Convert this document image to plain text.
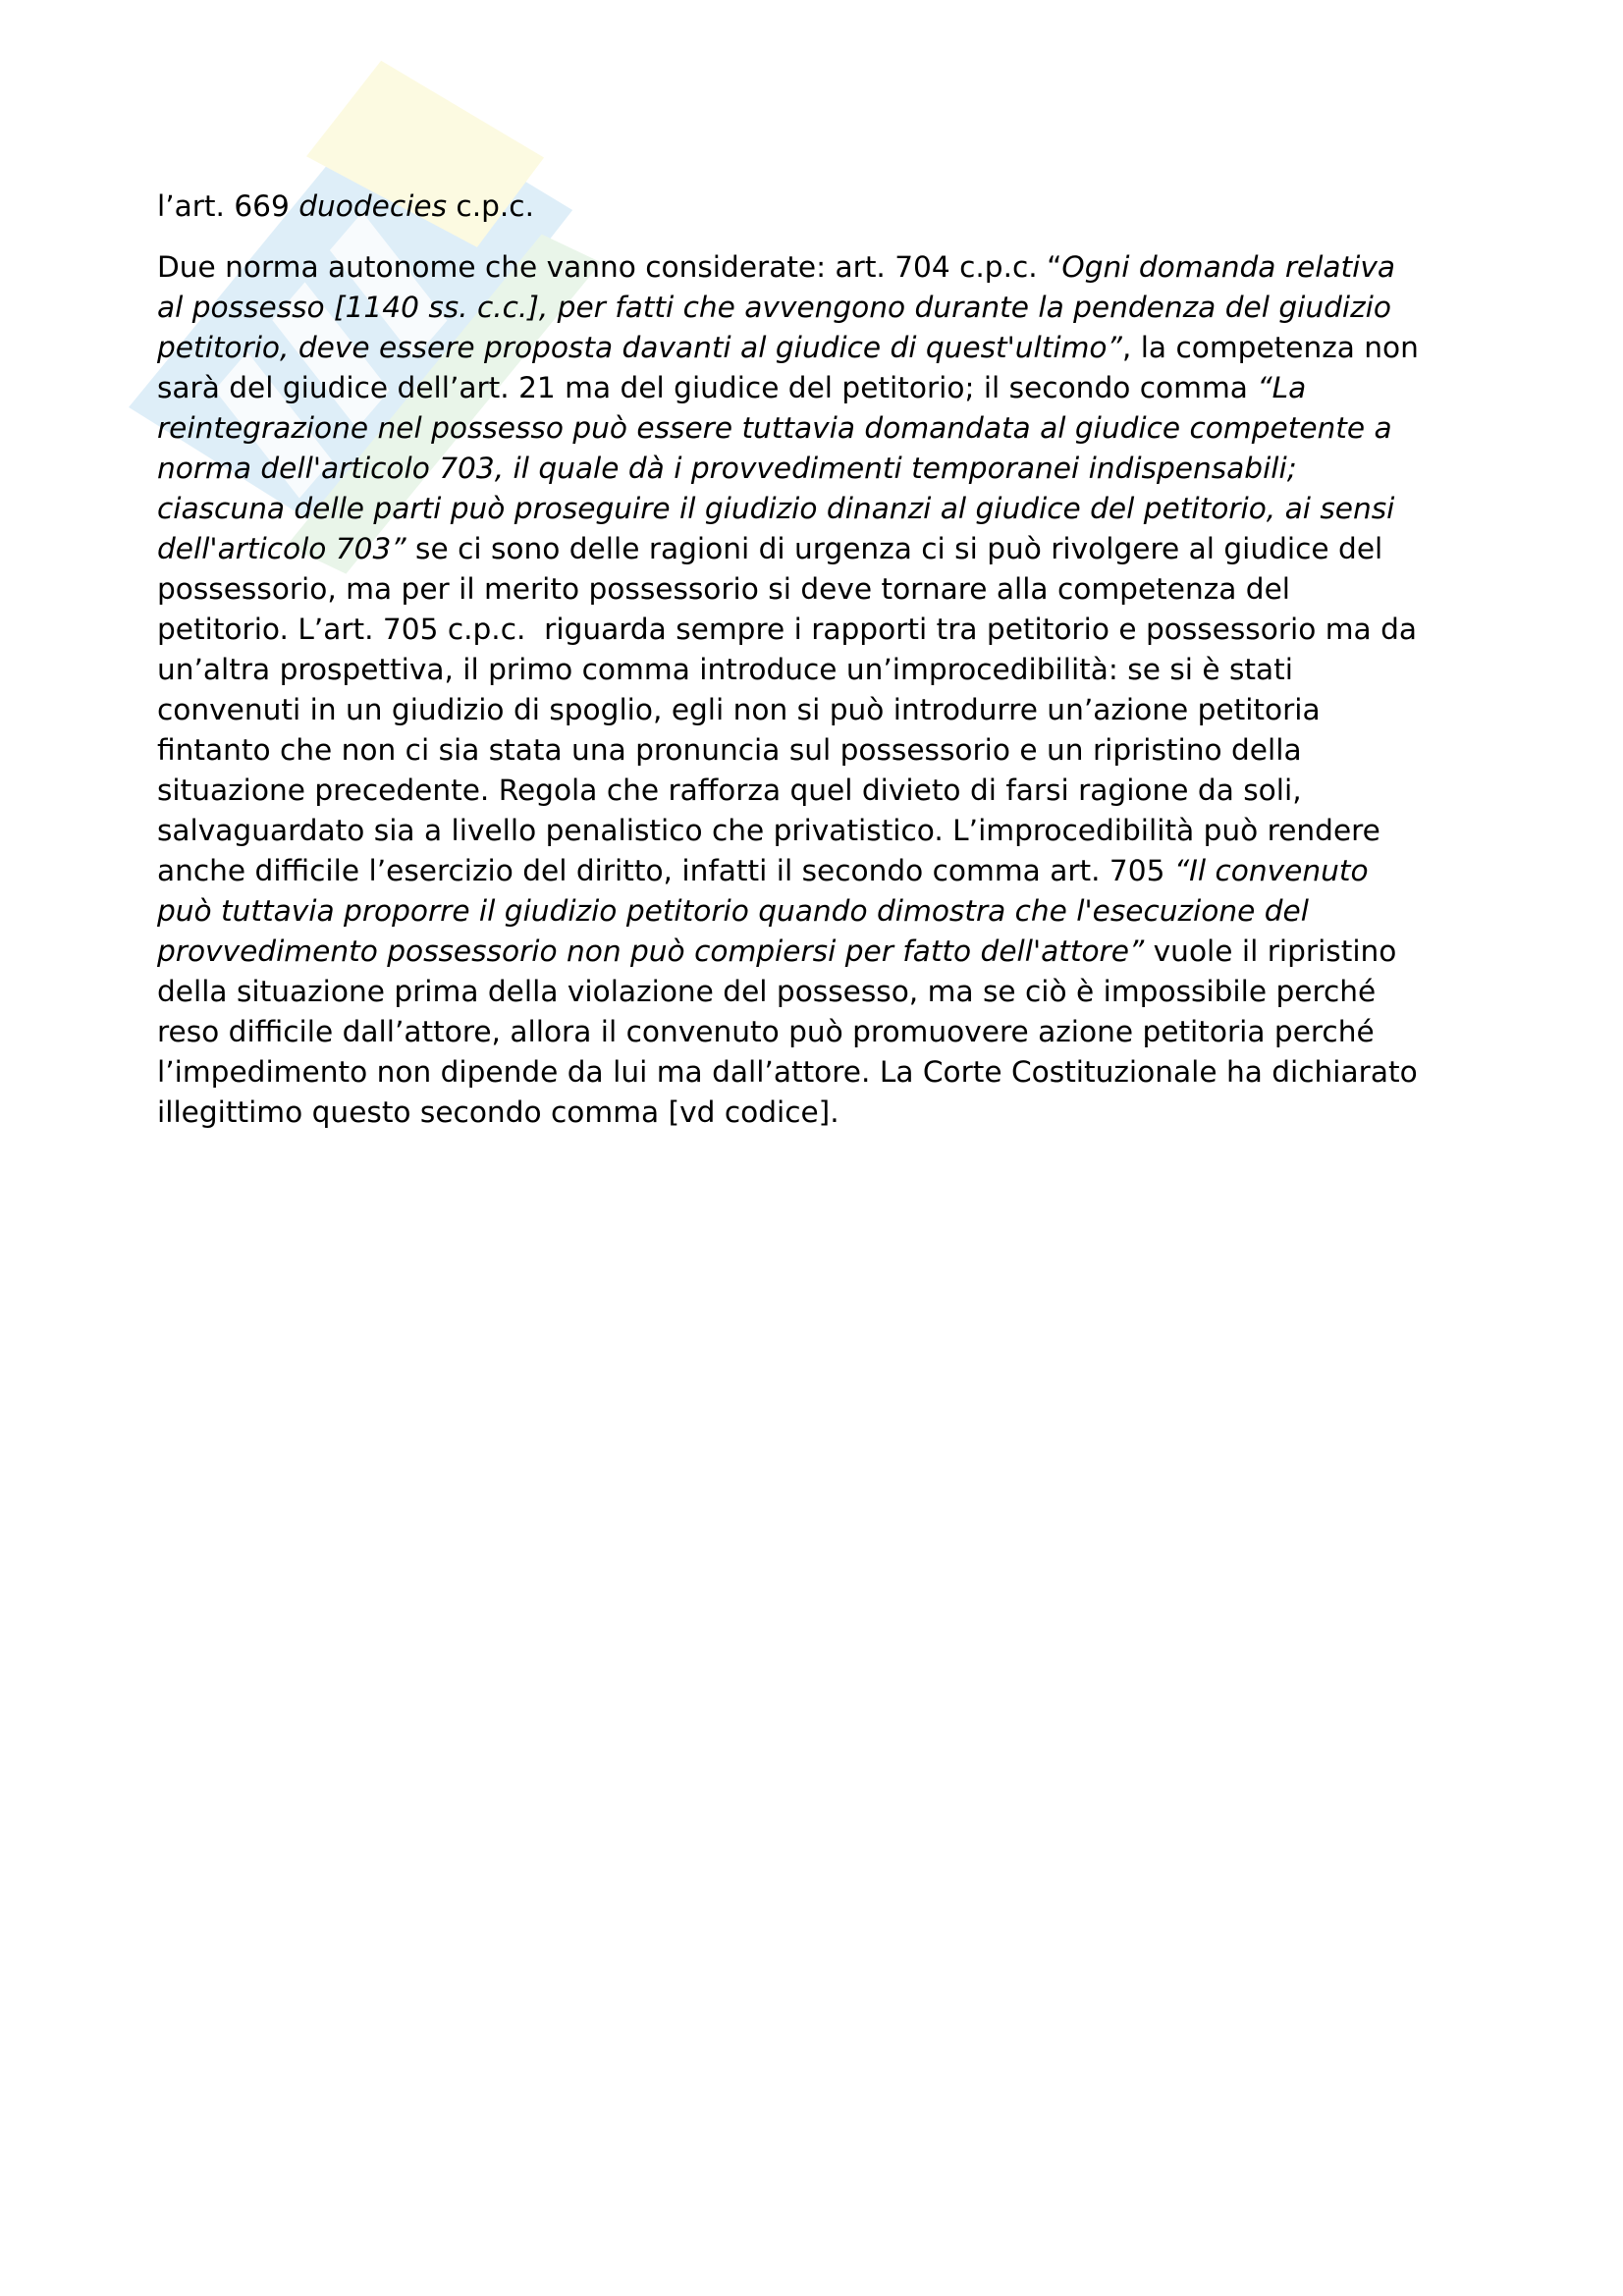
l’art. 669 duodecies c.p.c.
Due norma autonome che vanno considerate: art. 704 c.p.c. “Ogni domanda relativa
al possesso [1140 ss. c.c.], per fatti che avvengono durante la pendenza del giudizio
petitorio, deve essere proposta davanti al giudice di quest'ultimo”, la competenza non
sarà del giudice dell’art. 21 ma del giudice del petitorio; il secondo comma “La
reintegrazione nel possesso può essere tuttavia domandata al giudice competente a
norma dell'articolo 703, il quale dà i provvedimenti temporanei indispensabili;
ciascuna delle parti può proseguire il giudizio dinanzi al giudice del petitorio, ai sensi
dell'articolo 703” se ci sono delle ragioni di urgenza ci si può rivolgere al giudice del
possessorio, ma per il merito possessorio si deve tornare alla competenza del
petitorio. L’art. 705 c.p.c.  riguarda sempre i rapporti tra petitorio e possessorio ma da
un’altra prospettiva, il primo comma introduce un’improcedibilità: se si è stati
convenuti in un giudizio di spoglio, egli non si può introdurre un’azione petitoria
fintanto che non ci sia stata una pronuncia sul possessorio e un ripristino della
situazione precedente. Regola che rafforza quel divieto di farsi ragione da soli,
salvaguardato sia a livello penalistico che privatistico. L’improcedibilità può rendere
anche difficile l’esercizio del diritto, infatti il secondo comma art. 705 “Il convenuto
può tuttavia proporre il giudizio petitorio quando dimostra che l'esecuzione del
provvedimento possessorio non può compiersi per fatto dell'attore” vuole il ripristino
della situazione prima della violazione del possesso, ma se ciò è impossibile perché
reso difficile dall’attore, allora il convenuto può promuovere azione petitoria perché
l’impedimento non dipende da lui ma dall’attore. La Corte Costituzionale ha dichiarato
illegittimo questo secondo comma [vd codice].
